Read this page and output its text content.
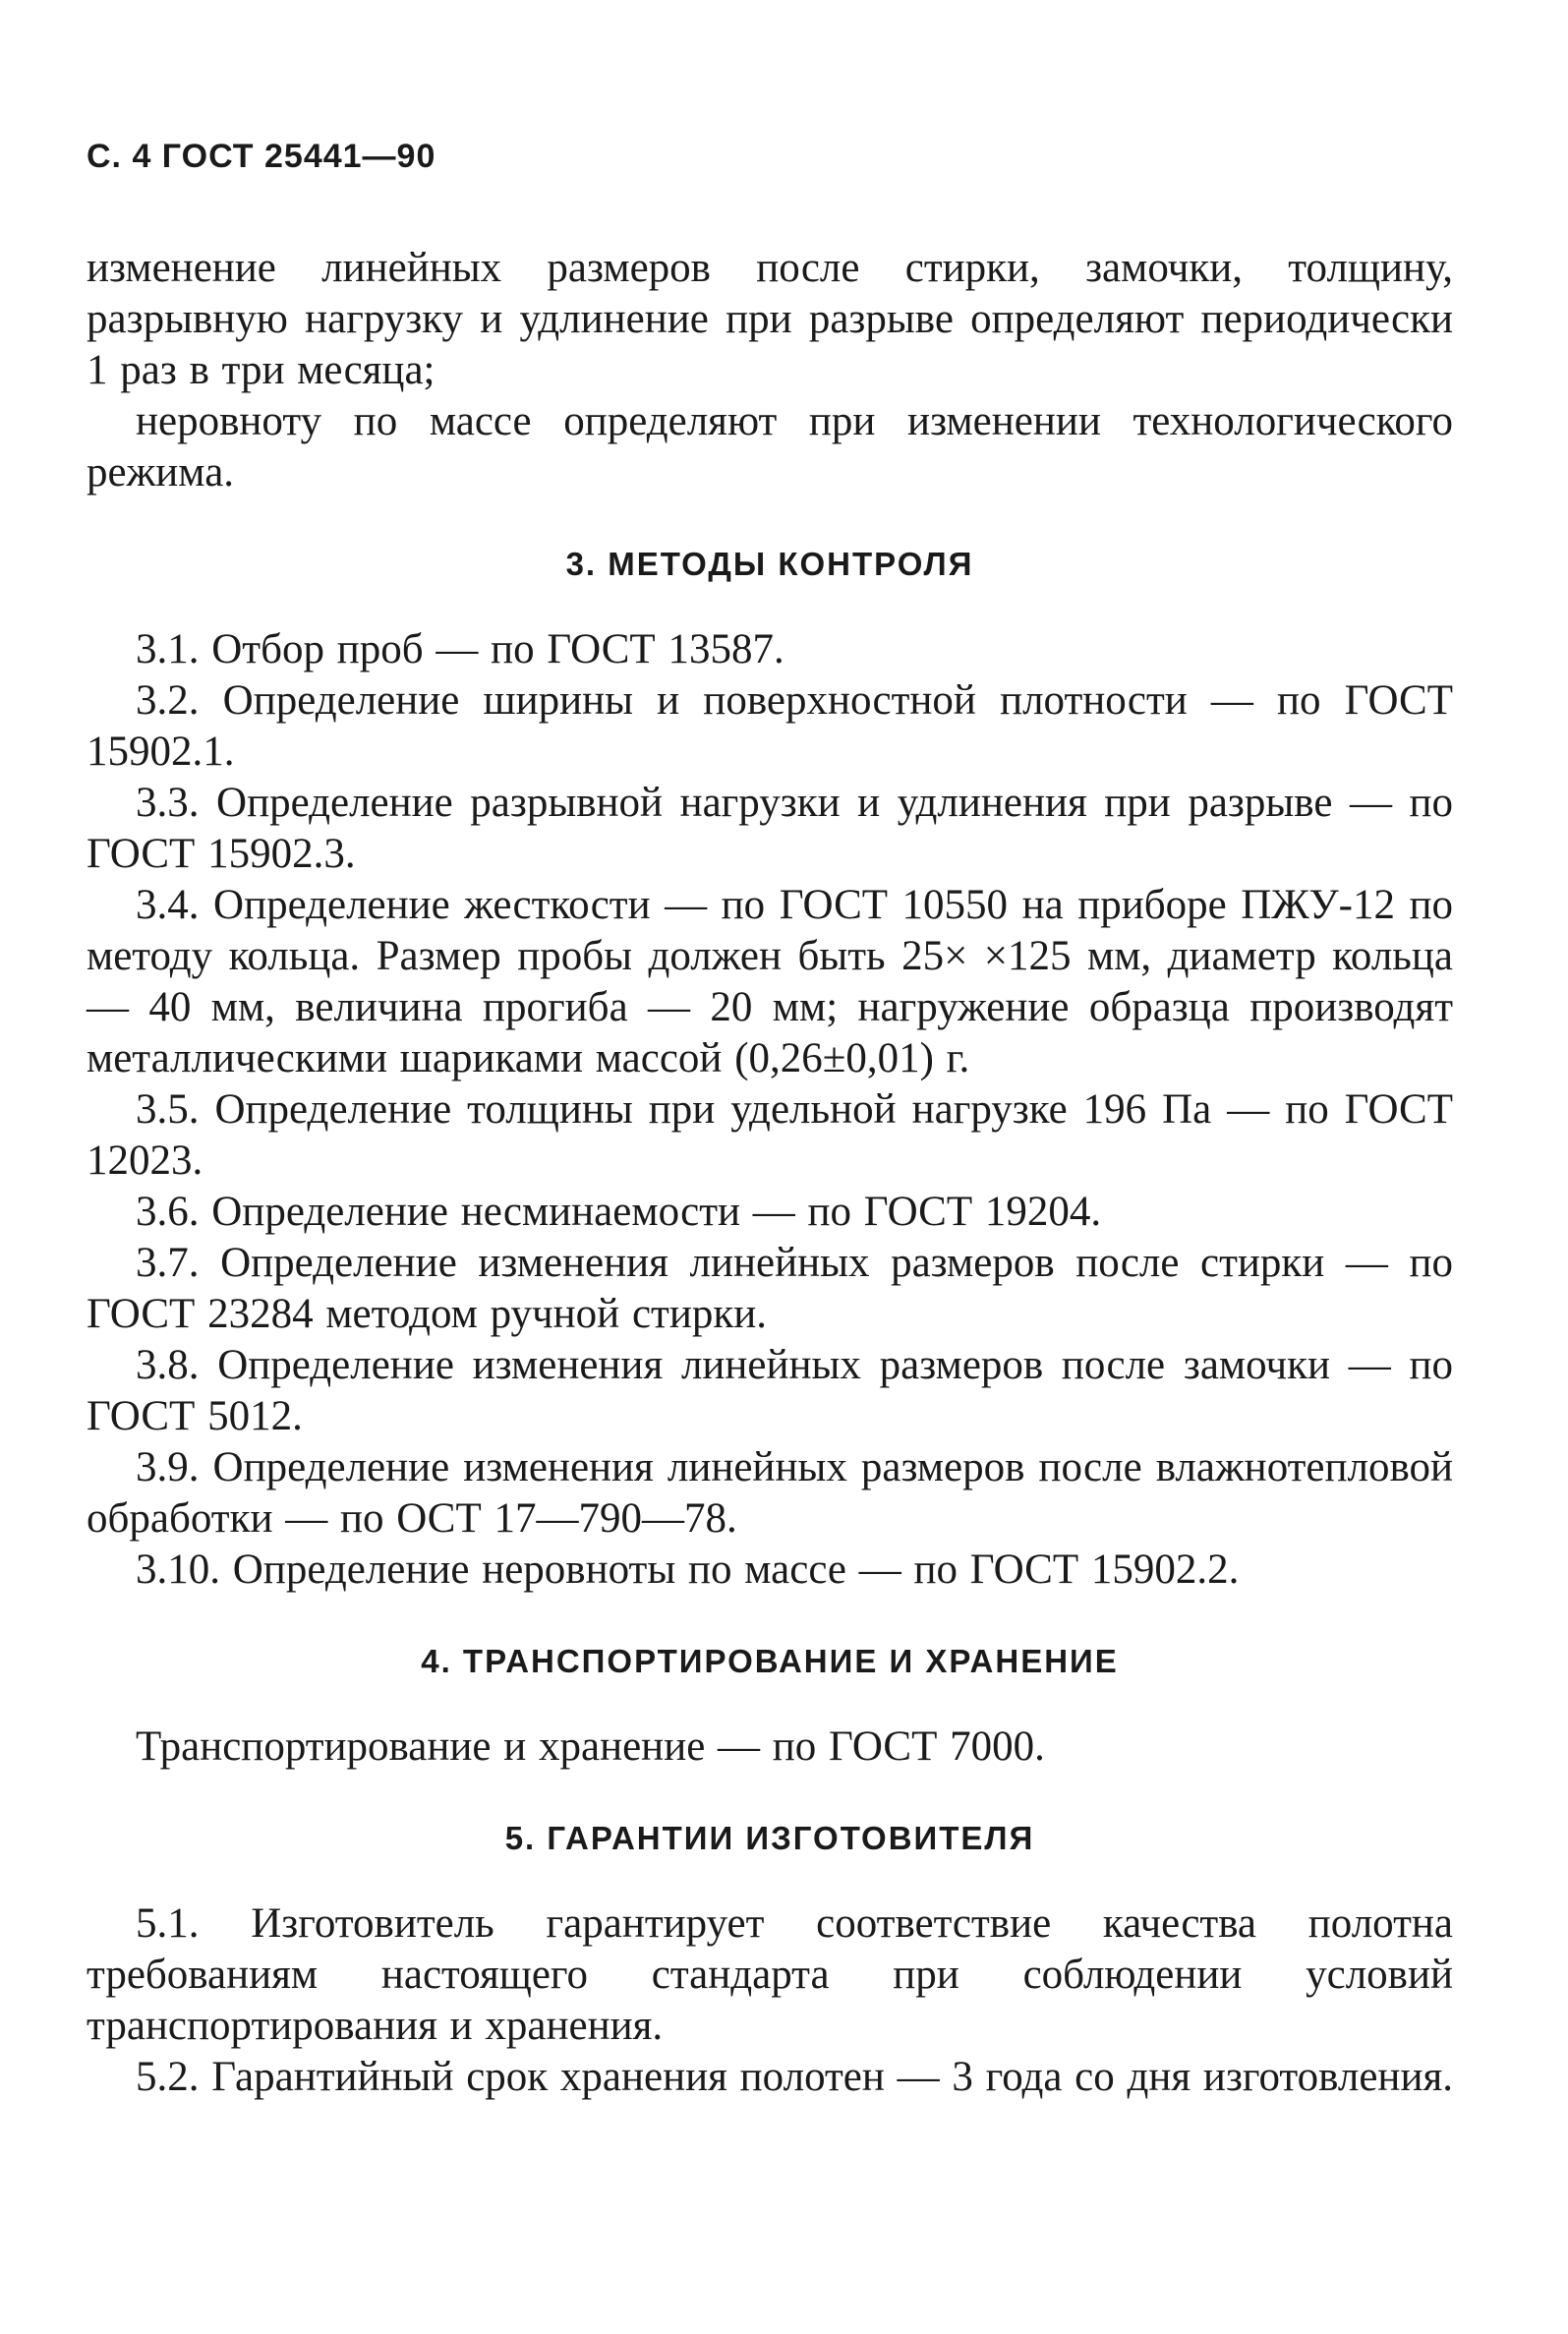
С. 4 ГОСТ 25441—90

изменение линейных размеров после стирки, замочки, толщину, разрывную нагрузку и удлинение при разрыве определяют периодически 1 раз в три месяца;

неровноту по массе определяют при изменении технологического режима.

3. МЕТОДЫ КОНТРОЛЯ

3.1. Отбор проб — по ГОСТ 13587.

3.2. Определение ширины и поверхностной плотности — по ГОСТ 15902.1.

3.3. Определение разрывной нагрузки и удлинения при разрыве — по ГОСТ 15902.3.

3.4. Определение жесткости — по ГОСТ 10550 на приборе ПЖУ-12 по методу кольца. Размер пробы должен быть 25× ×125 мм, диаметр кольца — 40 мм, величина прогиба — 20 мм; нагружение образца производят металлическими шариками массой (0,26±0,01) г.

3.5. Определение толщины при удельной нагрузке 196 Па — по ГОСТ 12023.

3.6. Определение несминаемости — по ГОСТ 19204.

3.7. Определение изменения линейных размеров после стирки — по ГОСТ 23284 методом ручной стирки.

3.8. Определение изменения линейных размеров после замочки — по ГОСТ 5012.

3.9. Определение изменения линейных размеров после влажнотепловой обработки — по ОСТ 17—790—78.

3.10. Определение неровноты по массе — по ГОСТ 15902.2.

4. ТРАНСПОРТИРОВАНИЕ И ХРАНЕНИЕ

Транспортирование и хранение — по ГОСТ 7000.

5. ГАРАНТИИ ИЗГОТОВИТЕЛЯ

5.1. Изготовитель гарантирует соответствие качества полотна требованиям настоящего стандарта при соблюдении условий транспортирования и хранения.

5.2. Гарантийный срок хранения полотен — 3 года со дня изготовления.
